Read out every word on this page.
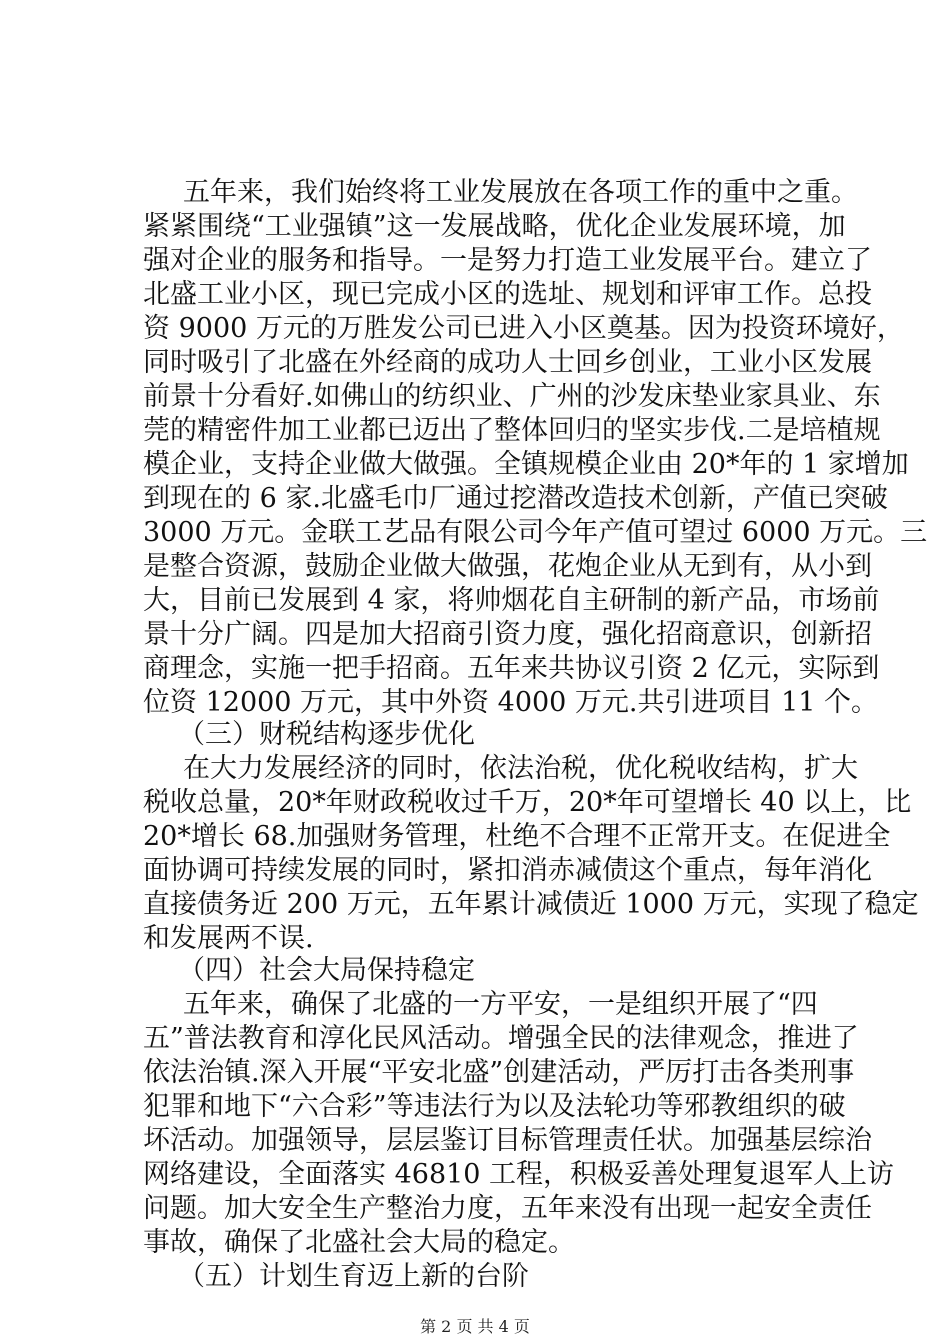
五年来，我们始终将工业发展放在各项工作的重中之重。
紧紧围绕“工业强镇”这一发展战略，优化企业发展环境，加
强对企业的服务和指导。一是努力打造工业发展平台。建立了
北盛工业小区，现已完成小区的选址、规划和评审工作。总投
资 9000 万元的万胜发公司已进入小区奠基。因为投资环境好，
同时吸引了北盛在外经商的成功人士回乡创业，工业小区发展
前景十分看好.如佛山的纺织业、广州的沙发床垫业家具业、东
莞的精密件加工业都已迈出了整体回归的坚实步伐.二是培植规
模企业，支持企业做大做强。全镇规模企业由 20*年的 1 家增加
到现在的 6 家.北盛毛巾厂通过挖潜改造技术创新，产值已突破
3000 万元。金联工艺品有限公司今年产值可望过 6000 万元。三
是整合资源，鼓励企业做大做强，花炮企业从无到有，从小到
大，目前已发展到 4 家，将帅烟花自主研制的新产品，市场前
景十分广阔。四是加大招商引资力度，强化招商意识，创新招
商理念，实施一把手招商。五年来共协议引资 2 亿元，实际到
位资 12000 万元，其中外资 4000 万元.共引进项目 11 个。
（三）财税结构逐步优化
在大力发展经济的同时，依法治税，优化税收结构，扩大
税收总量，20*年财政税收过千万，20*年可望增长 40 以上，比
20*增长 68.加强财务管理，杜绝不合理不正常开支。在促进全
面协调可持续发展的同时，紧扣消赤减债这个重点，每年消化
直接债务近 200 万元，五年累计减债近 1000 万元，实现了稳定
和发展两不误.
（四）社会大局保持稳定
五年来，确保了北盛的一方平安，一是组织开展了“四
五”普法教育和淳化民风活动。增强全民的法律观念，推进了
依法治镇.深入开展“平安北盛”创建活动，严厉打击各类刑事
犯罪和地下“六合彩”等违法行为以及法轮功等邪教组织的破
坏活动。加强领导，层层鉴订目标管理责任状。加强基层综治
网络建设，全面落实 46810 工程，积极妥善处理复退军人上访
问题。加大安全生产整治力度，五年来没有出现一起安全责任
事故，确保了北盛社会大局的稳定。
（五）计划生育迈上新的台阶
第 2 页 共 4 页
